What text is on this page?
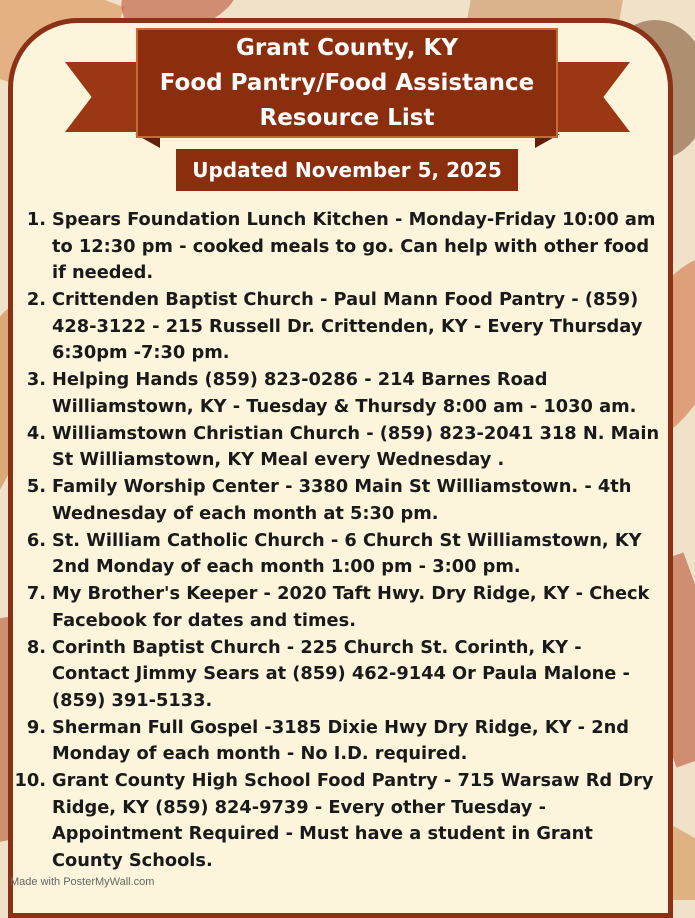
Grant County, KY
Food Pantry/Food Assistance
Resource List
Updated November 5, 2025
1. Spears Foundation Lunch Kitchen - Monday-Friday 10:00 am to 12:30 pm - cooked meals to go. Can help with other food if needed.
2. Crittenden Baptist Church - Paul Mann Food Pantry - (859) 428-3122 - 215 Russell Dr. Crittenden, KY - Every Thursday 6:30pm -7:30 pm.
3. Helping Hands (859) 823-0286 - 214 Barnes Road Williamstown, KY - Tuesday & Thursdy 8:00 am - 1030 am.
4. Williamstown Christian Church - (859) 823-2041 318 N. Main St Williamstown, KY Meal every Wednesday .
5. Family Worship Center - 3380 Main St Williamstown. - 4th Wednesday of each month at 5:30 pm.
6. St. William Catholic Church - 6 Church St Williamstown, KY 2nd Monday of each month 1:00 pm - 3:00 pm.
7. My Brother's Keeper - 2020 Taft Hwy. Dry Ridge, KY - Check Facebook for dates and times.
8. Corinth Baptist Church - 225 Church St. Corinth, KY - Contact Jimmy Sears at (859) 462-9144 Or Paula Malone - (859) 391-5133.
9. Sherman Full Gospel -3185 Dixie Hwy Dry Ridge, KY - 2nd Monday of each month - No I.D. required.
10. Grant County High School Food Pantry - 715 Warsaw Rd Dry Ridge, KY (859) 824-9739 - Every other Tuesday - Appointment Required - Must have a student in Grant County Schools.
Made with PosterMyWall.com
